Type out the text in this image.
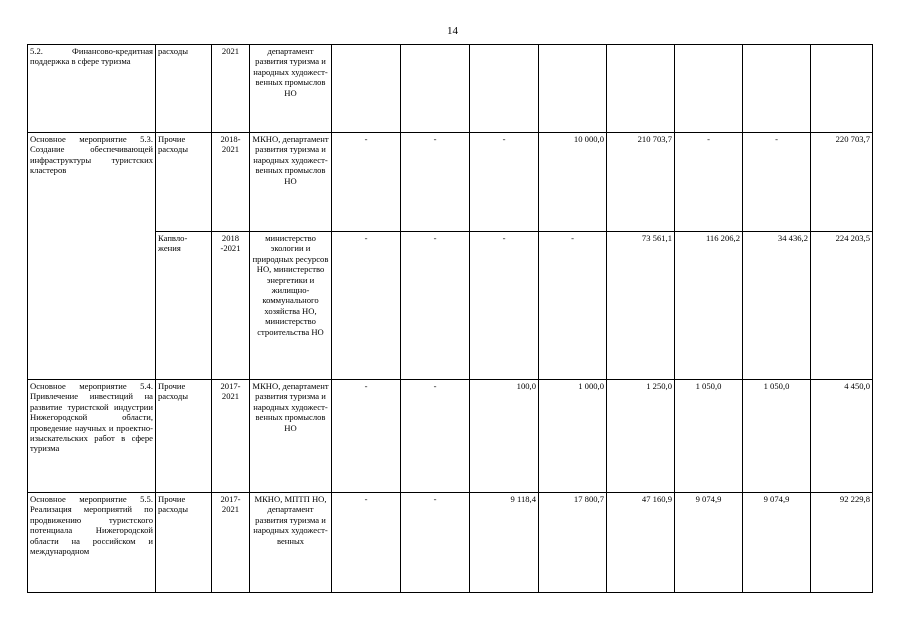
14
5.2. Финансово-кредитная поддержка в сфере туризма	расходы	2021	департамент развития туризма и народных художест-венных промыслов НО								
Основное мероприятие 5.3. Создание обеспечивающей инфраструктуры туристских кластеров	Прочие расходы	2018-2021	МКНО, департамент развития туризма и народных художест-венных промыслов НО	-	-	-	10 000,0	210 703,7	-	-	220 703,7
	Капвло-жения	2018 -2021	министерство экологии и природных ресурсов НО, министерство энергетики и жилищно-коммунального хозяйства НО, министерство строительства НО	-	-	-	-	73 561,1	116 206,2	34 436,2	224 203,5
Основное мероприятие 5.4. Привлечение инвестиций на развитие туристской индустрии Нижегородской области, проведение научных и проектно-изыскательских работ в сфере туризма	Прочие расходы	2017-2021	МКНО, департамент развития туризма и народных художест-венных промыслов НО	-	-	100,0	1 000,0	1 250,0	1 050,0	1 050,0	4 450,0
Основное мероприятие 5.5. Реализация мероприятий по продвижению туристского потенциала Нижегородской области на российском и международном	Прочие расходы	2017-2021	МКНО, МПТП НО, департамент развития туризма и народных художест-венных	-	-	9 118,4	17 800,7	47 160,9	9 074,9	9 074,9	92 229,8
